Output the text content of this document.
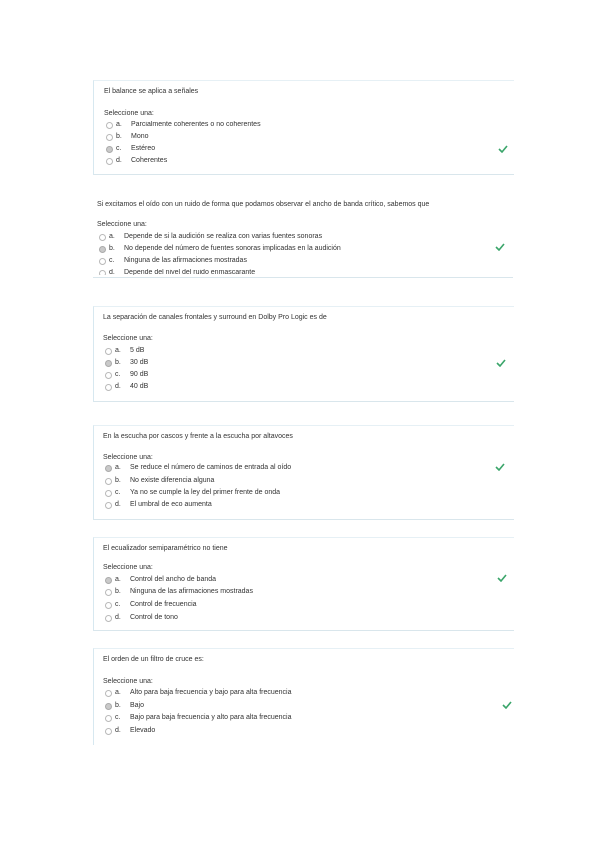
El balance se aplica a señales
Seleccione una:
a. Parcialmente coherentes o no coherentes
b. Mono
c. Estéreo
d. Coherentes
Si excitamos el oído con un ruido de forma que podamos observar el ancho de banda crítico, sabemos que
Seleccione una:
a. Depende de si la audición se realiza con varias fuentes sonoras
b. No depende del número de fuentes sonoras implicadas en la audición
c. Ninguna de las afirmaciones mostradas
d. Depende del nivel del ruido enmascarante
La separación de canales frontales y surround en Dolby Pro Logic es de
Seleccione una:
a. 5 dB
b. 30 dB
c. 90 dB
d. 40 dB
En la escucha por cascos y frente a la escucha por altavoces
Seleccione una:
a. Se reduce el número de caminos de entrada al oído
b. No existe diferencia alguna
c. Ya no se cumple la ley del primer frente de onda
d. El umbral de eco aumenta
El ecualizador semiparamétrico no tiene
Seleccione una:
a. Control del ancho de banda
b. Ninguna de las afirmaciones mostradas
c. Control de frecuencia
d. Control de tono
El orden de un filtro de cruce es:
Seleccione una:
a. Alto para baja frecuencia y bajo para alta frecuencia
b. Bajo
c. Bajo para baja frecuencia y alto para alta frecuencia
d. Elevado
